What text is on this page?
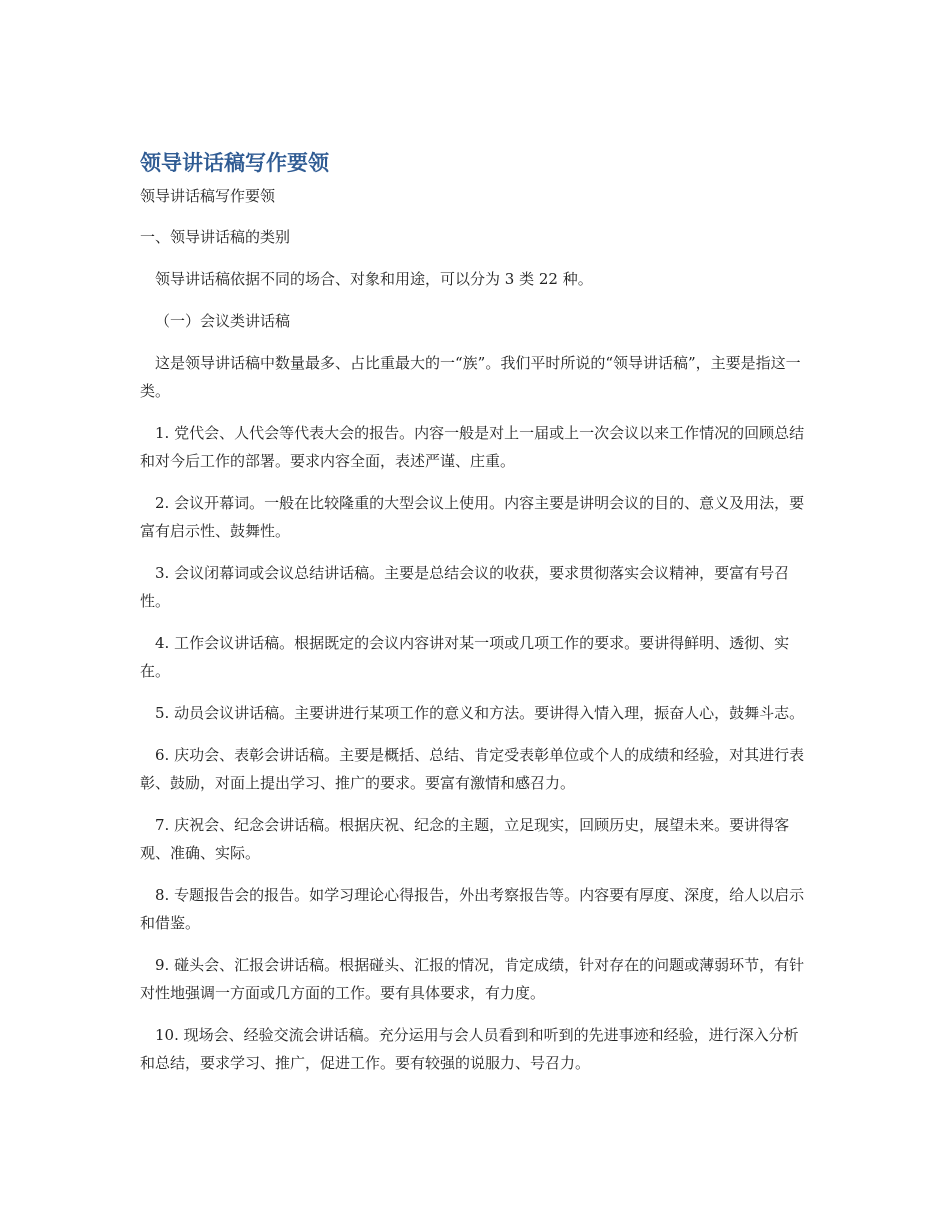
领导讲话稿写作要领
领导讲话稿写作要领
一、领导讲话稿的类别
领导讲话稿依据不同的场合、对象和用途，可以分为 3 类 22 种。
（一）会议类讲话稿
这是领导讲话稿中数量最多、占比重最大的一“族”。我们平时所说的“领导讲话稿”，主要是指这一类。
1. 党代会、人代会等代表大会的报告。内容一般是对上一届或上一次会议以来工作情况的回顾总结和对今后工作的部署。要求内容全面，表述严谨、庄重。
2. 会议开幕词。一般在比较隆重的大型会议上使用。内容主要是讲明会议的目的、意义及用法，要富有启示性、鼓舞性。
3. 会议闭幕词或会议总结讲话稿。主要是总结会议的收获，要求贯彻落实会议精神，要富有号召性。
4. 工作会议讲话稿。根据既定的会议内容讲对某一项或几项工作的要求。要讲得鲜明、透彻、实在。
5. 动员会议讲话稿。主要讲进行某项工作的意义和方法。要讲得入情入理，振奋人心，鼓舞斗志。
6. 庆功会、表彰会讲话稿。主要是概括、总结、肯定受表彰单位或个人的成绩和经验，对其进行表彰、鼓励，对面上提出学习、推广的要求。要富有激情和感召力。
7. 庆祝会、纪念会讲话稿。根据庆祝、纪念的主题，立足现实，回顾历史，展望未来。要讲得客观、准确、实际。
8. 专题报告会的报告。如学习理论心得报告，外出考察报告等。内容要有厚度、深度，给人以启示和借鉴。
9. 碰头会、汇报会讲话稿。根据碰头、汇报的情况，肯定成绩，针对存在的问题或薄弱环节，有针对性地强调一方面或几方面的工作。要有具体要求，有力度。
10. 现场会、经验交流会讲话稿。充分运用与会人员看到和听到的先进事迹和经验，进行深入分析和总结，要求学习、推广，促进工作。要有较强的说服力、号召力。
